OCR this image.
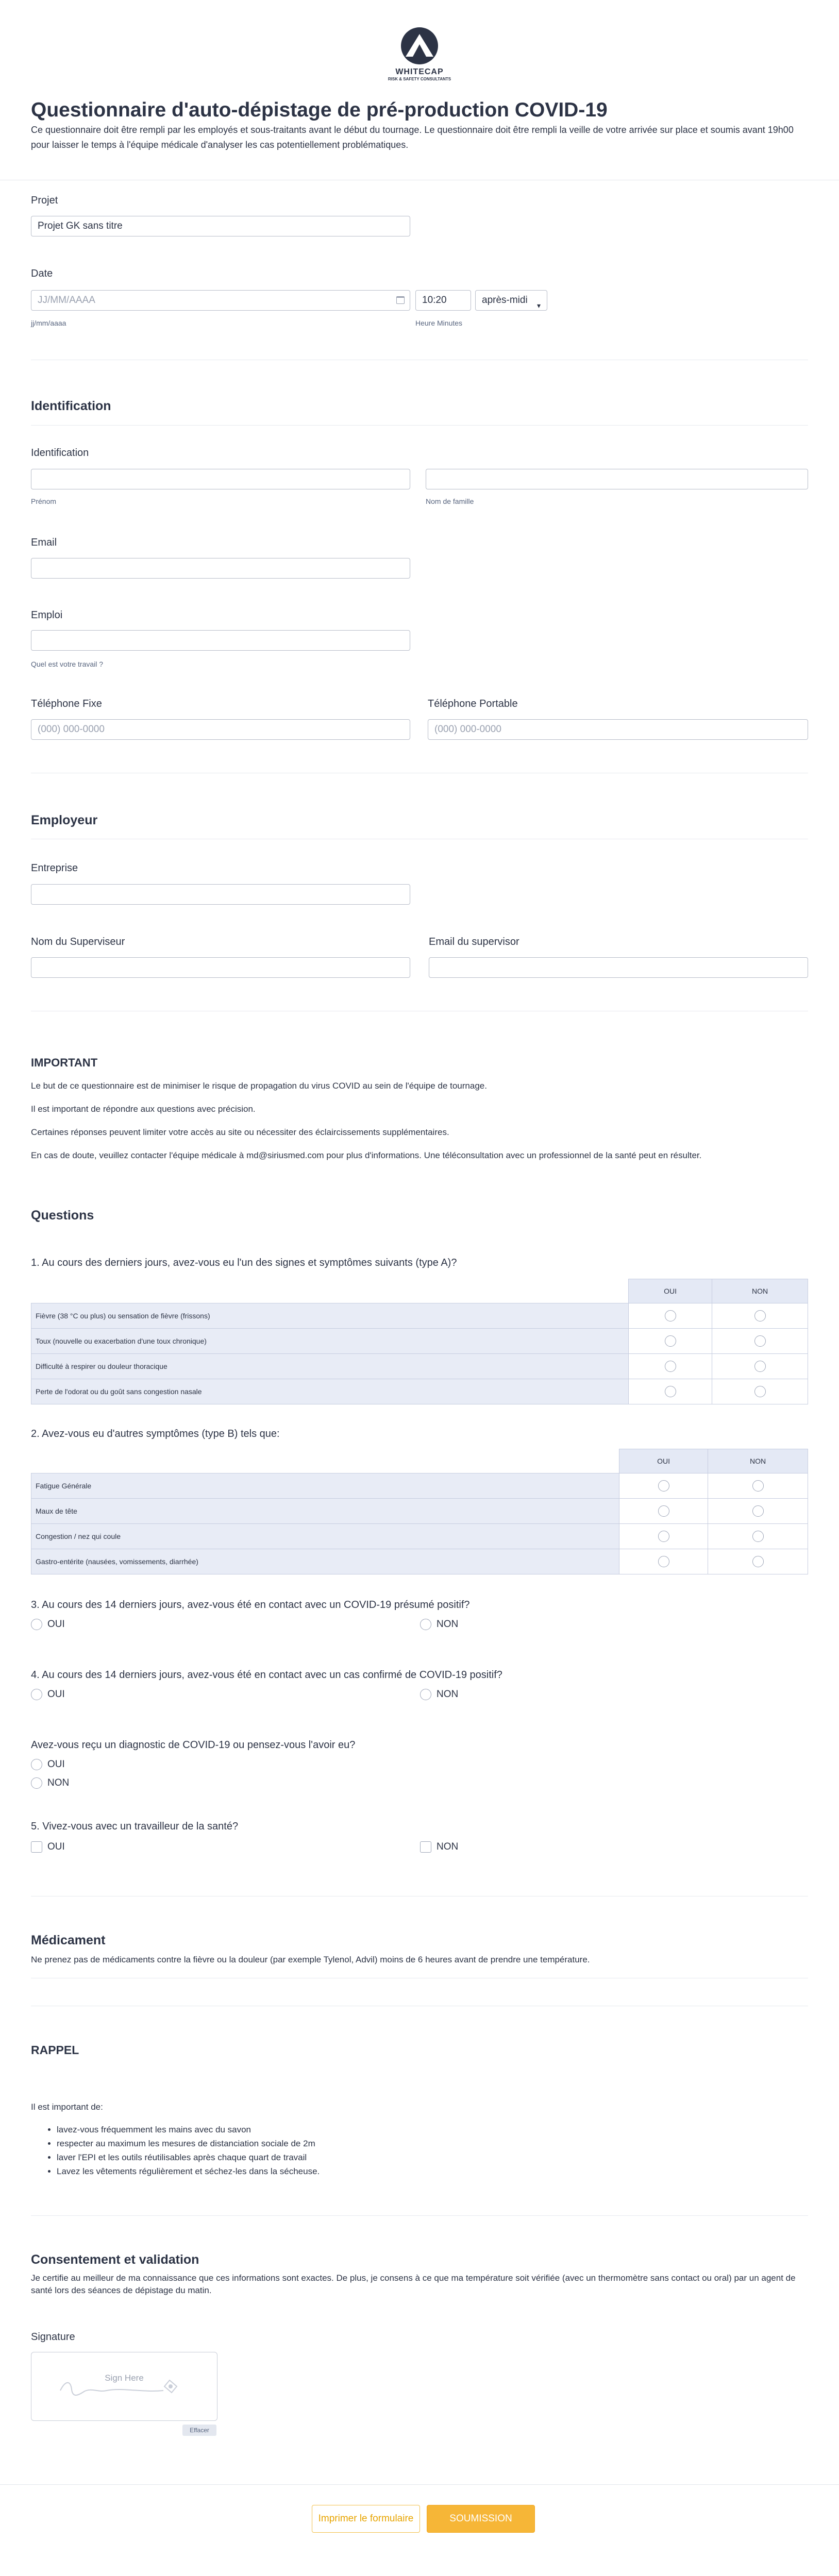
WHITECAP
RISK & SAFETY CONSULTANTS
Questionnaire d'auto-dépistage de pré-production COVID-19
Ce questionnaire doit être rempli par les employés et sous-traitants avant le début du tournage. Le questionnaire doit être rempli la veille de votre arrivée sur place et soumis avant 19h00 pour laisser le temps à l'équipe médicale d'analyser les cas potentiellement problématiques.
Projet
Projet GK sans titre
Date
JJ/MM/AAAA
jj/mm/aaaa
10:20	après-midi ▾
Heure Minutes
Identification
Identification
Prénom	Nom de famille
Email
Emploi
Quel est votre travail ?
Téléphone Fixe
(000) 000-0000
Téléphone Portable
(000) 000-0000
Employeur
Entreprise
Nom du Superviseur	Email du supervisor
IMPORTANT
Le but de ce questionnaire est de minimiser le risque de propagation du virus COVID au sein de l'équipe de tournage.
Il est important de répondre aux questions avec précision.
Certaines réponses peuvent limiter votre accès au site ou nécessiter des éclaircissements supplémentaires.
En cas de doute, veuillez contacter l'équipe médicale à md@siriusmed.com pour plus d'informations. Une téléconsultation avec un professionnel de la santé peut en résulter.
Questions
1. Au cours des derniers jours, avez-vous eu l'un des signes et symptômes suivants (type A)?
	OUI	NON
Fièvre (38 °C ou plus) ou sensation de fièvre (frissons)		
Toux (nouvelle ou exacerbation d'une toux chronique)		
Difficulté à respirer ou douleur thoracique		
Perte de l'odorat ou du goût sans congestion nasale		
2. Avez-vous eu d'autres symptômes (type B) tels que:
	OUI	NON
Fatigue Générale		
Maux de tête		
Congestion / nez qui coule		
Gastro-entérite (nausées, vomissements, diarrhée)		
3. Au cours des 14 derniers jours, avez-vous été en contact avec un COVID-19 présumé positif?
OUI	NON
4. Au cours des 14 derniers jours, avez-vous été en contact avec un cas confirmé de COVID-19 positif?
OUI	NON
Avez-vous reçu un diagnostic de COVID-19 ou pensez-vous l'avoir eu?
OUI
NON
5. Vivez-vous avec un travailleur de la santé?
OUI	NON
Médicament
Ne prenez pas de médicaments contre la fièvre ou la douleur (par exemple Tylenol, Advil) moins de 6 heures avant de prendre une température.
RAPPEL
Il est important de:
• lavez-vous fréquemment les mains avec du savon
• respecter au maximum les mesures de distanciation sociale de 2m
• laver l'EPI et les outils réutilisables après chaque quart de travail
• Lavez les vêtements régulièrement et séchez-les dans la sécheuse.
Consentement et validation
Je certifie au meilleur de ma connaissance que ces informations sont exactes. De plus, je consens à ce que ma température soit vérifiée (avec un thermomètre sans contact ou oral) par un agent de santé lors des séances de dépistage du matin.
Signature
Sign Here
Effacer
Imprimer le formulaire	SOUMISSION
